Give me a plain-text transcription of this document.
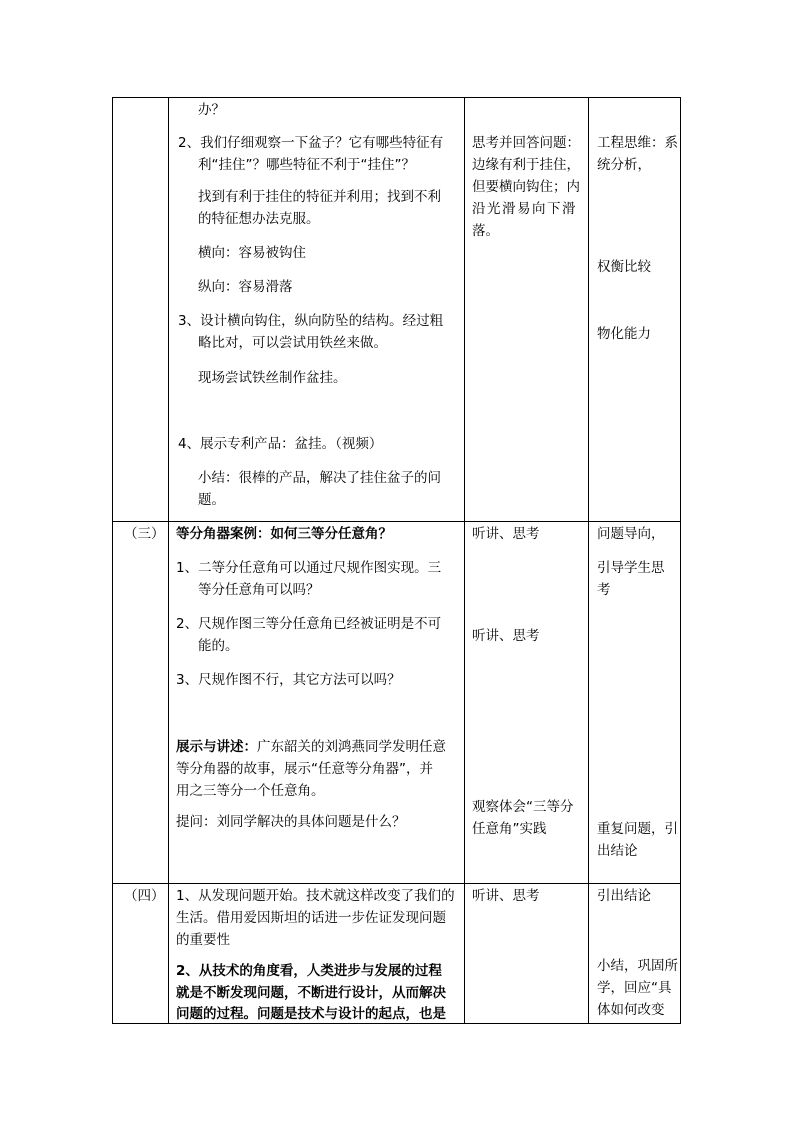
办？
2、我们仔细观察一下盆子？它有哪些特征有
利“挂住”？哪些特征不利于“挂住”？
找到有利于挂住的特征并利用；找到不利
的特征想办法克服。
横向：容易被钩住
纵向：容易滑落
3、设计横向钩住，纵向防坠的结构。经过粗
略比对，可以尝试用铁丝来做。
现场尝试铁丝制作盆挂。
4、展示专利产品：盆挂。（视频）
小结：很棒的产品，解决了挂住盆子的问
题。
思考并回答问题：
边缘有利于挂住，
但要横向钩住；内
沿光滑易向下滑
落。
工程思维：系
统分析，
权衡比较
物化能力
（三） 等分角器案例：如何三等分任意角？
1、二等分任意角可以通过尺规作图实现。三
等分任意角可以吗？
2、尺规作图三等分任意角已经被证明是不可
能的。
3、尺规作图不行，其它方法可以吗？
展示与讲述：广东韶关的刘鸿燕同学发明任意
等分角器的故事，展示“任意等分角器”，并
用之三等分一个任意角。
提问：刘同学解决的具体问题是什么？
听讲、思考
听讲、思考
观察体会“三等分
任意角”实践
问题导向，
引导学生思
考
重复问题，引
出结论
（四） 1、从发现问题开始。技术就这样改变了我们的
生活。借用爱因斯坦的话进一步佐证发现问题
的重要性
2、从技术的角度看，人类进步与发展的过程
就是不断发现问题，不断进行设计，从而解决
问题的过程。问题是技术与设计的起点，也是
听讲、思考	引出结论
小结，巩固所
学，回应“具
体如何改变
